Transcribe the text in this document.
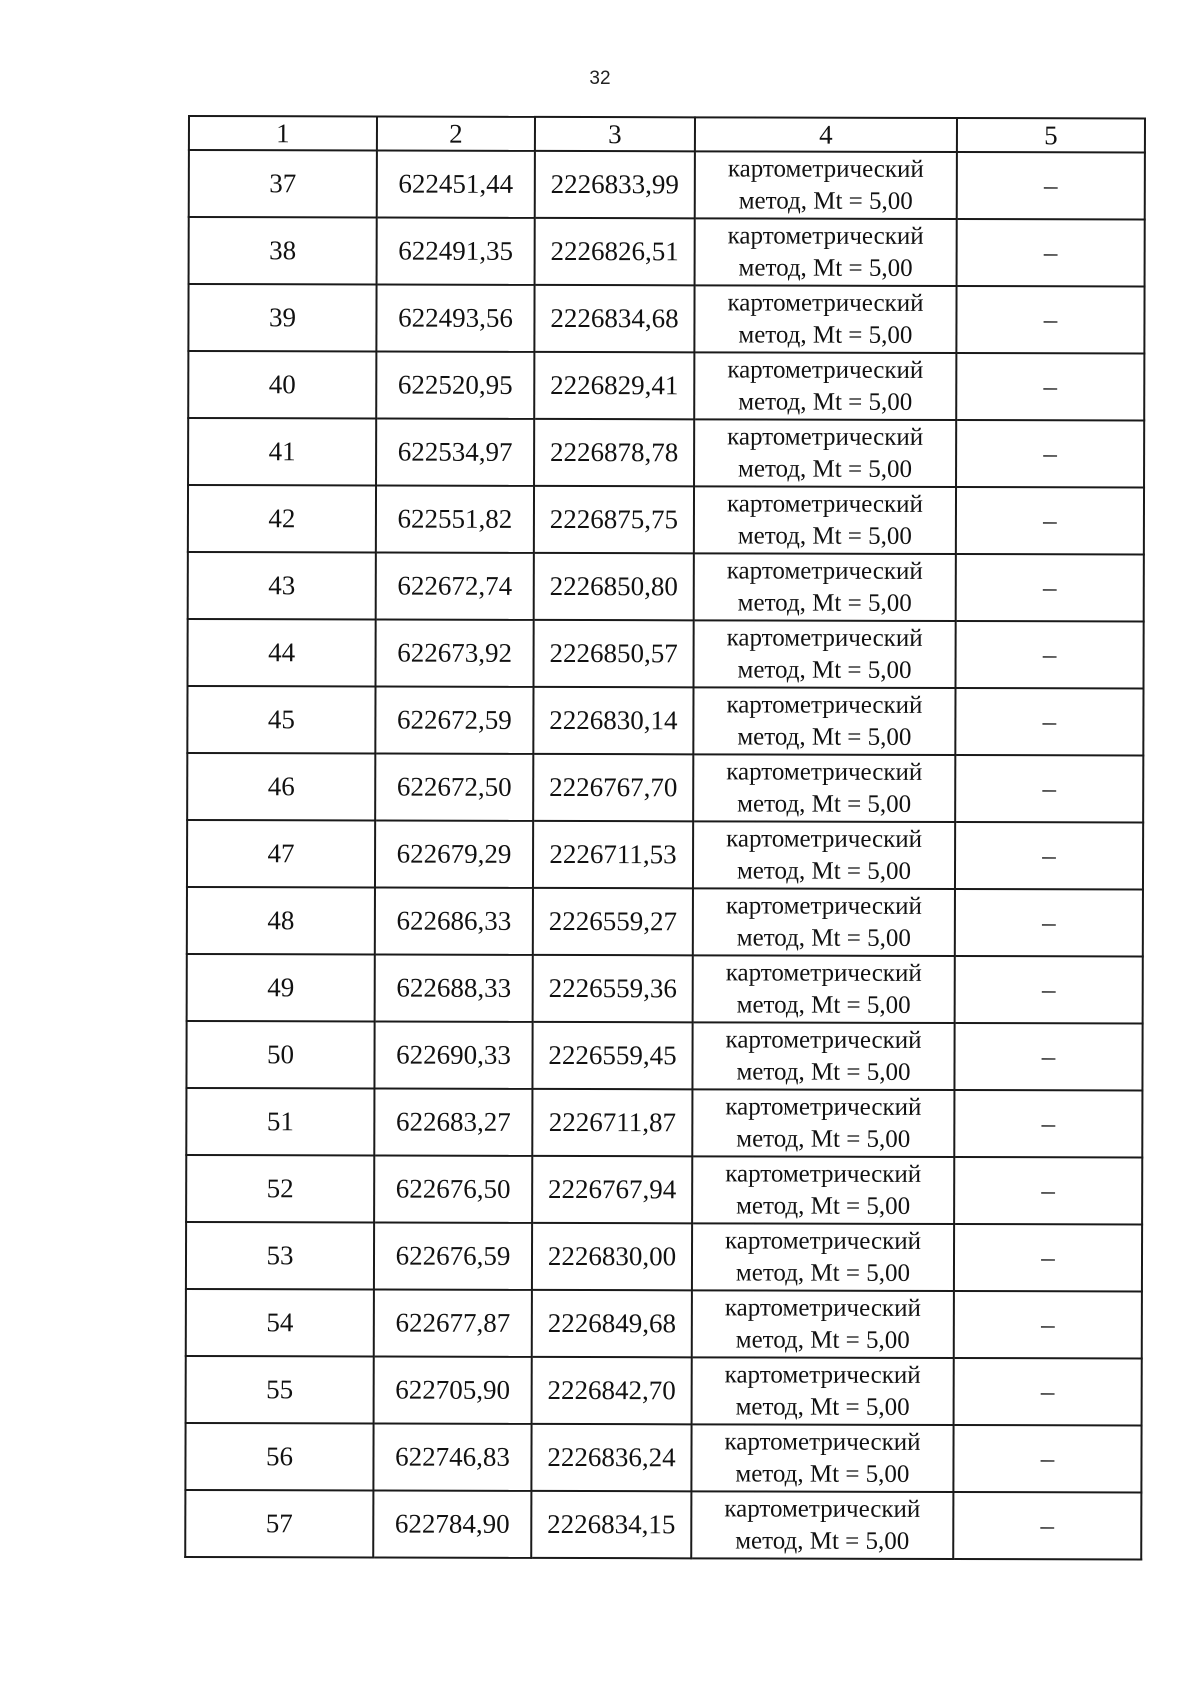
32
1	2	3	4	5
37	622451,44	2226833,99	картометрический
метод, Mt = 5,00	–
38	622491,35	2226826,51	картометрический
метод, Mt = 5,00	–
39	622493,56	2226834,68	картометрический
метод, Mt = 5,00	–
40	622520,95	2226829,41	картометрический
метод, Mt = 5,00	–
41	622534,97	2226878,78	картометрический
метод, Mt = 5,00	–
42	622551,82	2226875,75	картометрический
метод, Mt = 5,00	–
43	622672,74	2226850,80	картометрический
метод, Mt = 5,00	–
44	622673,92	2226850,57	картометрический
метод, Mt = 5,00	–
45	622672,59	2226830,14	картометрический
метод, Mt = 5,00	–
46	622672,50	2226767,70	картометрический
метод, Mt = 5,00	–
47	622679,29	2226711,53	картометрический
метод, Mt = 5,00	–
48	622686,33	2226559,27	картометрический
метод, Mt = 5,00	–
49	622688,33	2226559,36	картометрический
метод, Mt = 5,00	–
50	622690,33	2226559,45	картометрический
метод, Mt = 5,00	–
51	622683,27	2226711,87	картометрический
метод, Mt = 5,00	–
52	622676,50	2226767,94	картометрический
метод, Mt = 5,00	–
53	622676,59	2226830,00	картометрический
метод, Mt = 5,00	–
54	622677,87	2226849,68	картометрический
метод, Mt = 5,00	–
55	622705,90	2226842,70	картометрический
метод, Mt = 5,00	–
56	622746,83	2226836,24	картометрический
метод, Mt = 5,00	–
57	622784,90	2226834,15	картометрический
метод, Mt = 5,00	–
